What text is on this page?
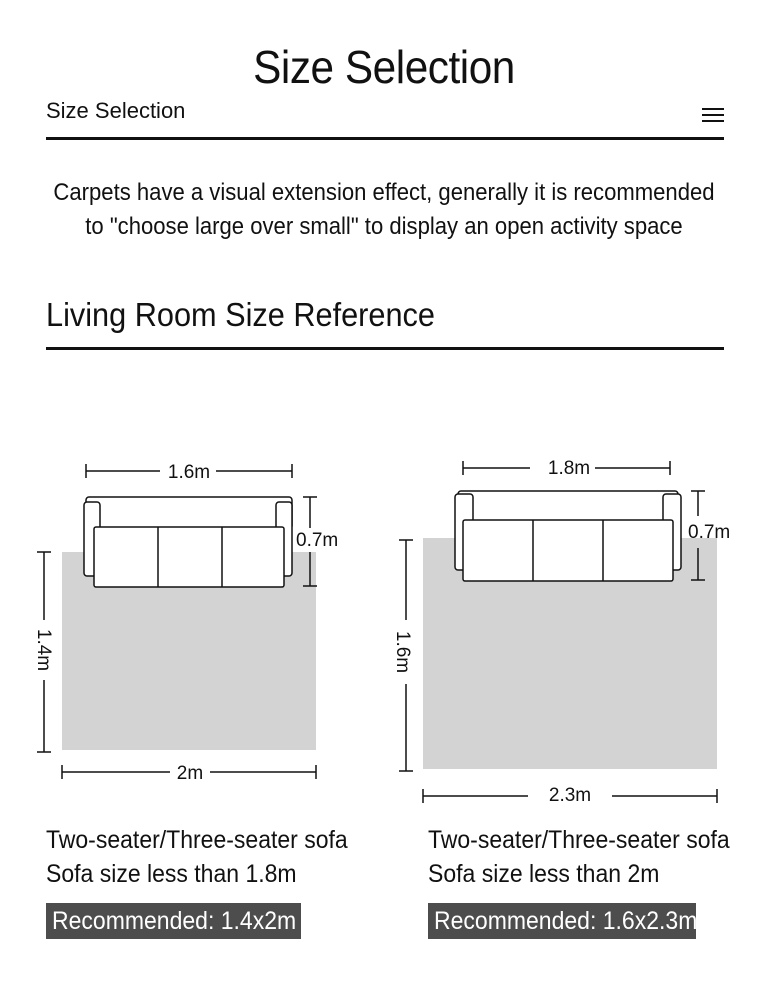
Size Selection
Size Selection
Carpets have a visual extension effect, generally it is recommended
to "choose large over small" to display an open activity space
Living Room Size Reference
1.6m
0.7m
1.4m
2m
1.8m
0.7m
1.6m
2.3m
Two-seater/Three-seater sofa
Sofa size less than 1.8m
Two-seater/Three-seater sofa
Sofa size less than 2m
Recommended: 1.4x2m	Recommended: 1.6x2.3m
